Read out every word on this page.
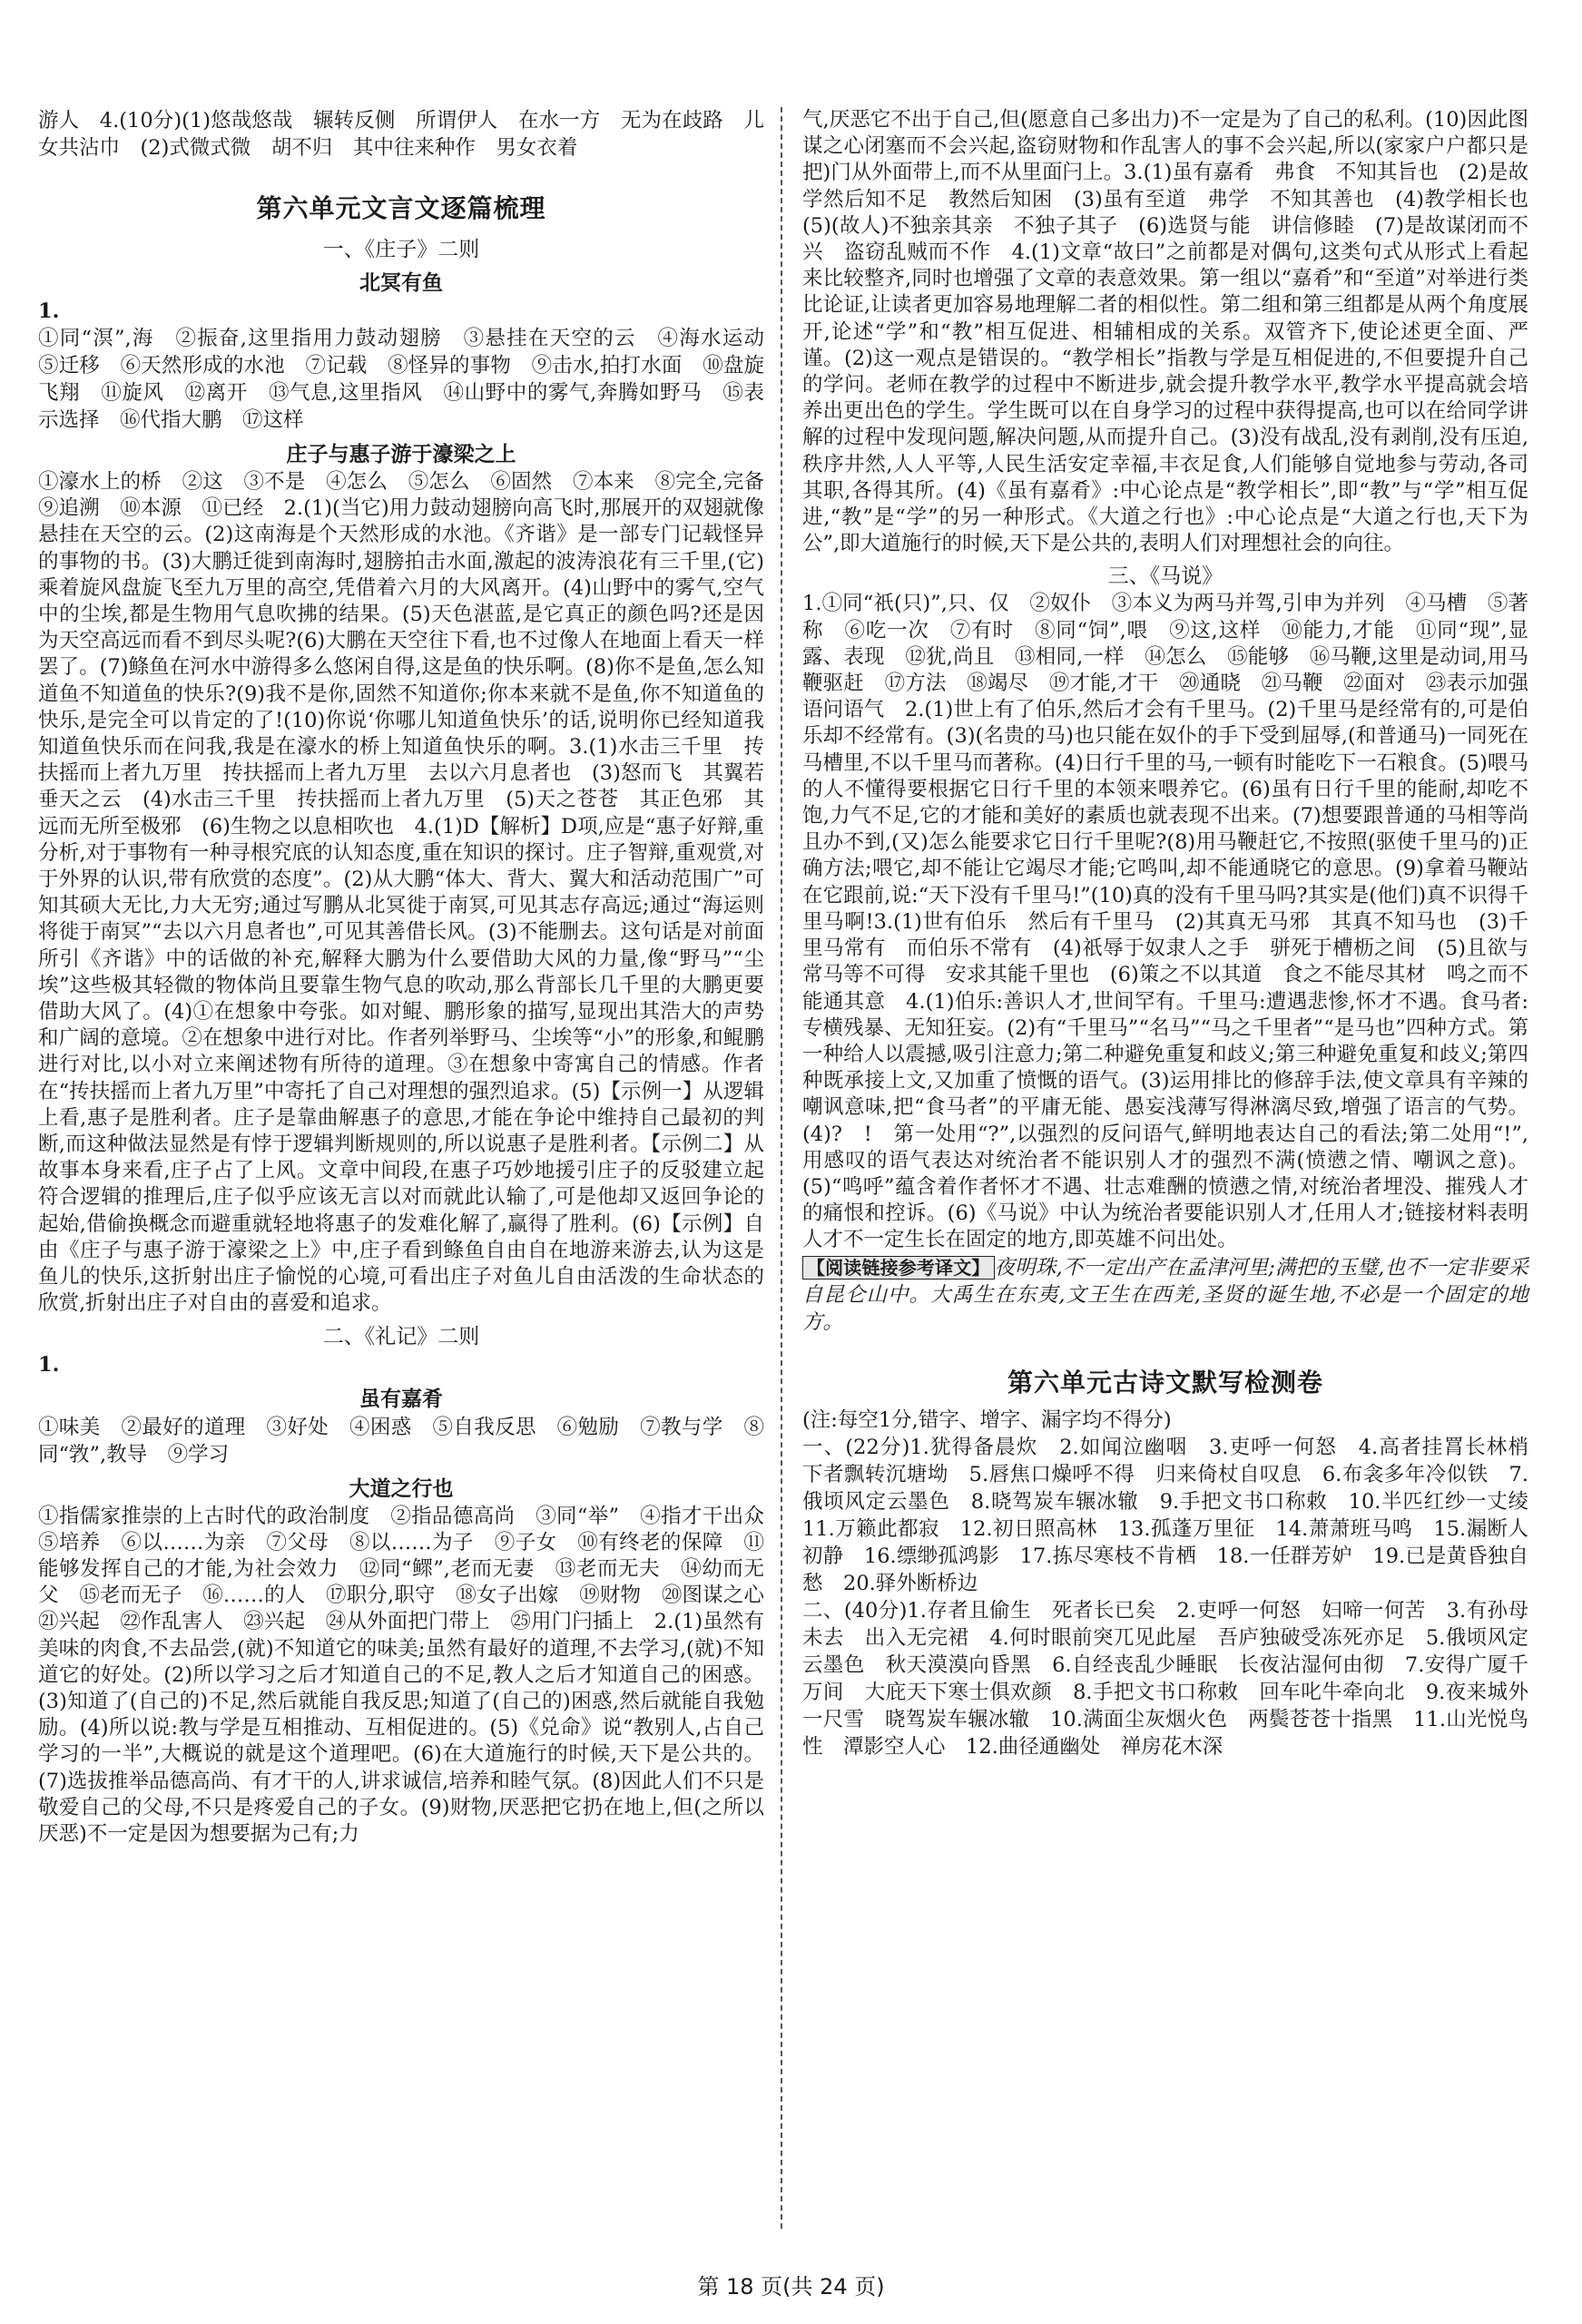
游人　4.(10分)(1)悠哉悠哉　辗转反侧　所谓伊人　在水一方　无为在歧路　儿女共沾巾　(2)式微式微　胡不归　其中往来种作　男女衣着

第六单元文言文逐篇梳理
一、《庄子》二则
北冥有鱼

1.

①同“溟”,海　②振奋,这里指用力鼓动翅膀　③悬挂在天空的云　④海水运动　⑤迁移　⑥天然形成的水池　⑦记载　⑧怪异的事物　⑨击水,拍打水面　⑩盘旋飞翔　⑪旋风　⑫离开　⑬气息,这里指风　⑭山野中的雾气,奔腾如野马　⑮表示选择　⑯代指大鹏　⑰这样

庄子与惠子游于濠梁之上

①濠水上的桥　②这　③不是　④怎么　⑤怎么　⑥固然　⑦本来　⑧完全,完备　⑨追溯　⑩本源　⑪已经　2.(1)(当它)用力鼓动翅膀向高飞时,那展开的双翅就像悬挂在天空的云。(2)这南海是个天然形成的水池。《齐谐》是一部专门记载怪异的事物的书。(3)大鹏迁徙到南海时,翅膀拍击水面,激起的波涛浪花有三千里,(它)乘着旋风盘旋飞至九万里的高空,凭借着六月的大风离开。(4)山野中的雾气,空气中的尘埃,都是生物用气息吹拂的结果。(5)天色湛蓝,是它真正的颜色吗?还是因为天空高远而看不到尽头呢?(6)大鹏在天空往下看,也不过像人在地面上看天一样罢了。(7)鲦鱼在河水中游得多么悠闲自得,这是鱼的快乐啊。(8)你不是鱼,怎么知道鱼不知道鱼的快乐?(9)我不是你,固然不知道你;你本来就不是鱼,你不知道鱼的快乐,是完全可以肯定的了!(10)你说‘你哪儿知道鱼快乐’的话,说明你已经知道我知道鱼快乐而在问我,我是在濠水的桥上知道鱼快乐的啊。3.(1)水击三千里　抟扶摇而上者九万里　抟扶摇而上者九万里　去以六月息者也　(3)怒而飞　其翼若垂天之云　(4)水击三千里　抟扶摇而上者九万里　(5)天之苍苍　其正色邪　其远而无所至极邪　(6)生物之以息相吹也　4.(1)D【解析】D项,应是“惠子好辩,重分析,对于事物有一种寻根究底的认知态度,重在知识的探讨。庄子智辩,重观赏,对于外界的认识,带有欣赏的态度”。(2)从大鹏“体大、背大、翼大和活动范围广”可知其硕大无比,力大无穷;通过写鹏从北冥徙于南冥,可见其志存高远;通过“海运则将徙于南冥”“去以六月息者也”,可见其善借长风。(3)不能删去。这句话是对前面所引《齐谐》中的话做的补充,解释大鹏为什么要借助大风的力量,像“野马”“尘埃”这些极其轻微的物体尚且要靠生物气息的吹动,那么背部长几千里的大鹏更要借助大风了。(4)①在想象中夸张。如对鲲、鹏形象的描写,显现出其浩大的声势和广阔的意境。②在想象中进行对比。作者列举野马、尘埃等“小”的形象,和鲲鹏进行对比,以小对立来阐述物有所待的道理。③在想象中寄寓自己的情感。作者在“抟扶摇而上者九万里”中寄托了自己对理想的强烈追求。(5)【示例一】从逻辑上看,惠子是胜利者。庄子是靠曲解惠子的意思,才能在争论中维持自己最初的判断,而这种做法显然是有悖于逻辑判断规则的,所以说惠子是胜利者。【示例二】从故事本身来看,庄子占了上风。文章中间段,在惠子巧妙地援引庄子的反驳建立起符合逻辑的推理后,庄子似乎应该无言以对而就此认输了,可是他却又返回争论的起始,借偷换概念而避重就轻地将惠子的发难化解了,赢得了胜利。(6)【示例】自由《庄子与惠子游于濠梁之上》中,庄子看到鲦鱼自由自在地游来游去,认为这是鱼儿的快乐,这折射出庄子愉悦的心境,可看出庄子对鱼儿自由活泼的生命状态的欣赏,折射出庄子对自由的喜爱和追求。

二、《礼记》二则

1.

虽有嘉肴

①味美　②最好的道理　③好处　④困惑　⑤自我反思　⑥勉励　⑦教与学　⑧同“敩”,教导　⑨学习

大道之行也

①指儒家推崇的上古时代的政治制度　②指品德高尚　③同“举”　④指才干出众　⑤培养　⑥以……为亲　⑦父母　⑧以……为子　⑨子女　⑩有终老的保障　⑪能够发挥自己的才能,为社会效力　⑫同“鳏”,老而无妻　⑬老而无夫　⑭幼而无父　⑮老而无子　⑯……的人　⑰职分,职守　⑱女子出嫁　⑲财物　⑳图谋之心　㉑兴起　㉒作乱害人　㉓兴起　㉔从外面把门带上　㉕用门闩插上　2.(1)虽然有美味的肉食,不去品尝,(就)不知道它的味美;虽然有最好的道理,不去学习,(就)不知道它的好处。(2)所以学习之后才知道自己的不足,教人之后才知道自己的困惑。(3)知道了(自己的)不足,然后就能自我反思;知道了(自己的)困惑,然后就能自我勉励。(4)所以说:教与学是互相推动、互相促进的。(5)《兑命》说“教别人,占自己学习的一半”,大概说的就是这个道理吧。(6)在大道施行的时候,天下是公共的。(7)选拔推举品德高尚、有才干的人,讲求诚信,培养和睦气氛。(8)因此人们不只是敬爱自己的父母,不只是疼爱自己的子女。(9)财物,厌恶把它扔在地上,但(之所以厌恶)不一定是因为想要据为己有;力

气,厌恶它不出于自己,但(愿意自己多出力)不一定是为了自己的私利。(10)因此图谋之心闭塞而不会兴起,盗窃财物和作乱害人的事不会兴起,所以(家家户户都只是把)门从外面带上,而不从里面闩上。3.(1)虽有嘉肴　弗食　不知其旨也　(2)是故学然后知不足　教然后知困　(3)虽有至道　弗学　不知其善也　(4)教学相长也　(5)(故人)不独亲其亲　不独子其子　(6)选贤与能　讲信修睦　(7)是故谋闭而不兴　盗窃乱贼而不作　4.(1)文章“故曰”之前都是对偶句,这类句式从形式上看起来比较整齐,同时也增强了文章的表意效果。第一组以“嘉肴”和“至道”对举进行类比论证,让读者更加容易地理解二者的相似性。第二组和第三组都是从两个角度展开,论述“学”和“教”相互促进、相辅相成的关系。双管齐下,使论述更全面、严谨。(2)这一观点是错误的。“教学相长”指教与学是互相促进的,不但要提升自己的学问。老师在教学的过程中不断进步,就会提升教学水平,教学水平提高就会培养出更出色的学生。学生既可以在自身学习的过程中获得提高,也可以在给同学讲解的过程中发现问题,解决问题,从而提升自己。(3)没有战乱,没有剥削,没有压迫,秩序井然,人人平等,人民生活安定幸福,丰衣足食,人们能够自觉地参与劳动,各司其职,各得其所。(4)《虽有嘉肴》:中心论点是“教学相长”,即“教”与“学”相互促进,“教”是“学”的另一种形式。《大道之行也》:中心论点是“大道之行也,天下为公”,即大道施行的时候,天下是公共的,表明人们对理想社会的向往。

三、《马说》

1.①同“祇(只)”,只、仅　②奴仆　③本义为两马并驾,引申为并列　④马槽　⑤著称　⑥吃一次　⑦有时　⑧同“饲”,喂　⑨这,这样　⑩能力,才能　⑪同“现”,显露、表现　⑫犹,尚且　⑬相同,一样　⑭怎么　⑮能够　⑯马鞭,这里是动词,用马鞭驱赶　⑰方法　⑱竭尽　⑲才能,才干　⑳通晓　㉑马鞭　㉒面对　㉓表示加强语问语气　2.(1)世上有了伯乐,然后才会有千里马。(2)千里马是经常有的,可是伯乐却不经常有。(3)(名贵的马)也只能在奴仆的手下受到屈辱,(和普通马)一同死在马槽里,不以千里马而著称。(4)日行千里的马,一顿有时能吃下一石粮食。(5)喂马的人不懂得要根据它日行千里的本领来喂养它。(6)虽有日行千里的能耐,却吃不饱,力气不足,它的才能和美好的素质也就表现不出来。(7)想要跟普通的马相等尚且办不到,(又)怎么能要求它日行千里呢?(8)用马鞭赶它,不按照(驱使千里马的)正确方法;喂它,却不能让它竭尽才能;它鸣叫,却不能通晓它的意思。(9)拿着马鞭站在它跟前,说:“天下没有千里马!”(10)真的没有千里马吗?其实是(他们)真不识得千里马啊!3.(1)世有伯乐　然后有千里马　(2)其真无马邪　其真不知马也　(3)千里马常有　而伯乐不常有　(4)祇辱于奴隶人之手　骈死于槽枥之间　(5)且欲与常马等不可得　安求其能千里也　(6)策之不以其道　食之不能尽其材　鸣之而不能通其意　4.(1)伯乐:善识人才,世间罕有。千里马:遭遇悲惨,怀才不遇。食马者:专横残暴、无知狂妄。(2)有“千里马”“名马”“马之千里者”“是马也”四种方式。第一种给人以震撼,吸引注意力;第二种避免重复和歧义;第三种避免重复和歧义;第四种既承接上文,又加重了愤慨的语气。(3)运用排比的修辞手法,使文章具有辛辣的嘲讽意味,把“食马者”的平庸无能、愚妄浅薄写得淋漓尽致,增强了语言的气势。(4)?　!　第一处用“?”,以强烈的反问语气,鲜明地表达自己的看法;第二处用“!”,用感叹的语气表达对统治者不能识别人才的强烈不满(愤懑之情、嘲讽之意)。(5)“鸣呼”蕴含着作者怀才不遇、壮志难酬的愤懑之情,对统治者埋没、摧残人才的痛恨和控诉。(6)《马说》中认为统治者要能识别人才,任用人才;链接材料表明人才不一定生长在固定的地方,即英雄不问出处。

【阅读链接参考译文】 夜明珠,不一定出产在孟津河里;满把的玉璧,也不一定非要采自昆仑山中。大禹生在东夷,文王生在西羌,圣贤的诞生地,不必是一个固定的地方。

第六单元古诗文默写检测卷

(注:每空1分,错字、增字、漏字均不得分)

一、(22分)1.犹得备晨炊　2.如闻泣幽咽　3.吏呼一何怒　4.高者挂罥长林梢　下者飘转沉塘坳　5.唇焦口燥呼不得　归来倚杖自叹息　6.布衾多年冷似铁　7.俄顷风定云墨色　8.晓驾炭车辗冰辙　9.手把文书口称敕　10.半匹红纱一丈绫　11.万籁此都寂　12.初日照高林　13.孤蓬万里征　14.萧萧班马鸣　15.漏断人初静　16.缥缈孤鸿影　17.拣尽寒枝不肯栖　18.一任群芳妒　19.已是黄昏独自愁　20.驿外断桥边

二、(40分)1.存者且偷生　死者长已矣　2.吏呼一何怒　妇啼一何苦　3.有孙母未去　出入无完裙　4.何时眼前突兀见此屋　吾庐独破受冻死亦足　5.俄顷风定云墨色　秋天漠漠向昏黑　6.自经丧乱少睡眠　长夜沾湿何由彻　7.安得广厦千万间　大庇天下寒士俱欢颜　8.手把文书口称敕　回车叱牛牵向北　9.夜来城外一尺雪　晓驾炭车辗冰辙　10.满面尘灰烟火色　两鬓苍苍十指黑　11.山光悦鸟性　潭影空人心　12.曲径通幽处　禅房花木深

第 18 页(共 24 页)
